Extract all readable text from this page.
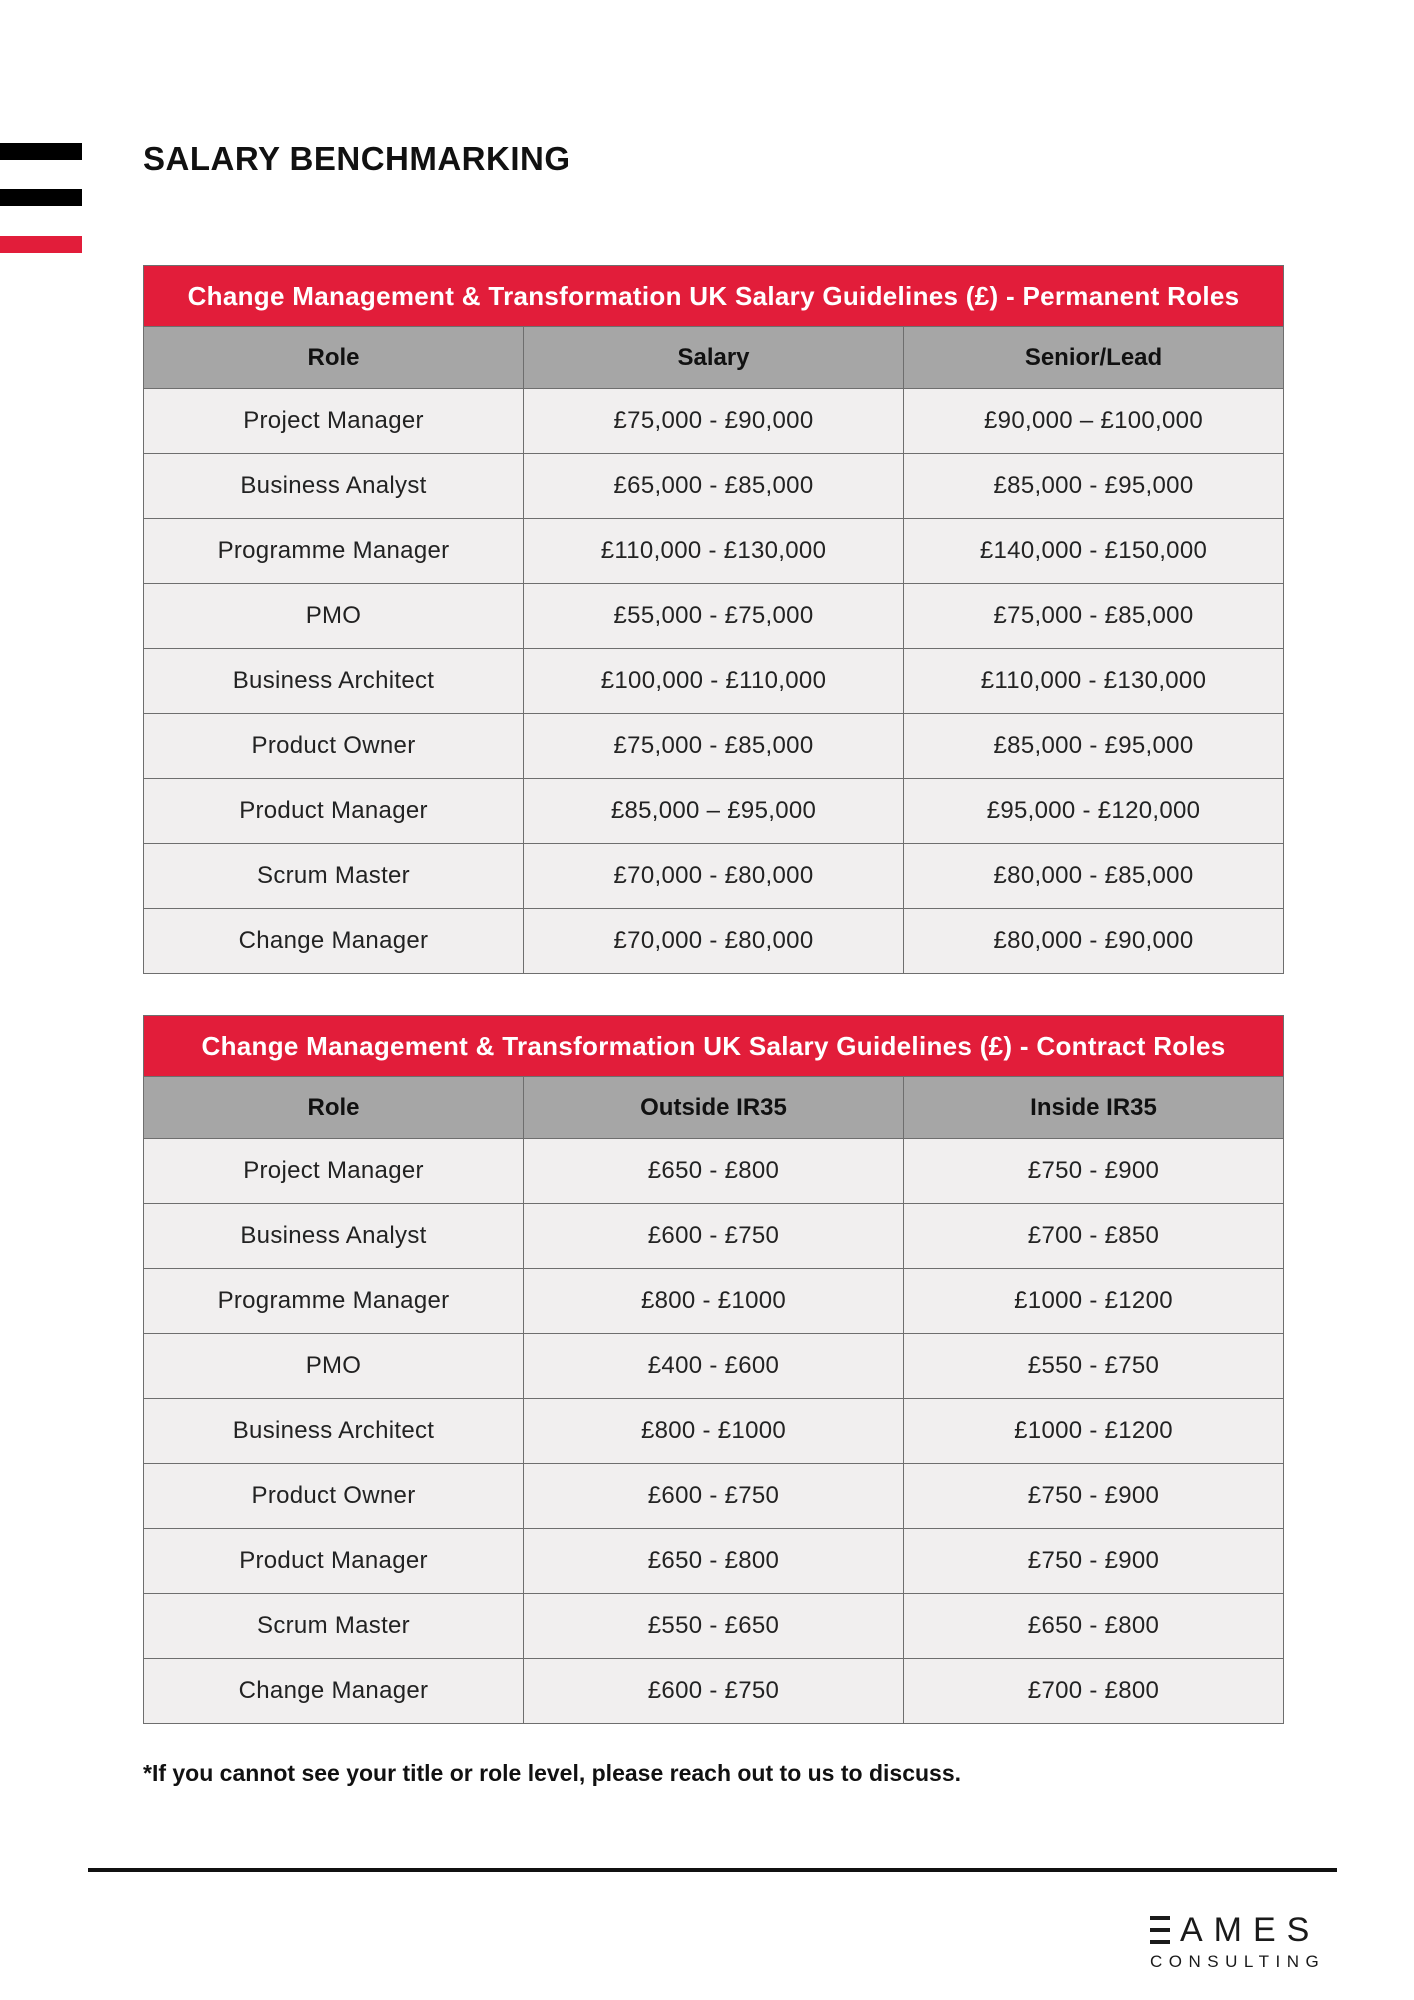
SALARY BENCHMARKING
Change Management & Transformation UK Salary Guidelines (£) - Permanent Roles		
Role	Salary	Senior/Lead
Project Manager	£75,000 - £90,000	£90,000 – £100,000
Business Analyst	£65,000 - £85,000	£85,000 - £95,000
Programme Manager	£110,000 - £130,000	£140,000 - £150,000
PMO	£55,000 - £75,000	£75,000 - £85,000
Business Architect	£100,000 - £110,000	£110,000 - £130,000
Product Owner	£75,000 - £85,000	£85,000 - £95,000
Product Manager	£85,000 – £95,000	£95,000 - £120,000
Scrum Master	£70,000 - £80,000	£80,000 - £85,000
Change Manager	£70,000 - £80,000	£80,000 - £90,000
Change Management & Transformation UK Salary Guidelines (£) - Contract Roles		
Role	Outside IR35	Inside IR35
Project Manager	£650 - £800	£750 - £900
Business Analyst	£600 - £750	£700 - £850
Programme Manager	£800 - £1000	£1000 - £1200
PMO	£400 - £600	£550 - £750
Business Architect	£800 - £1000	£1000 - £1200
Product Owner	£600 - £750	£750 - £900
Product Manager	£650 - £800	£750 - £900
Scrum Master	£550 - £650	£650 - £800
Change Manager	£600 - £750	£700 - £800
*If you cannot see your title or role level, please reach out to us to discuss.
AMES
CONSULTING
